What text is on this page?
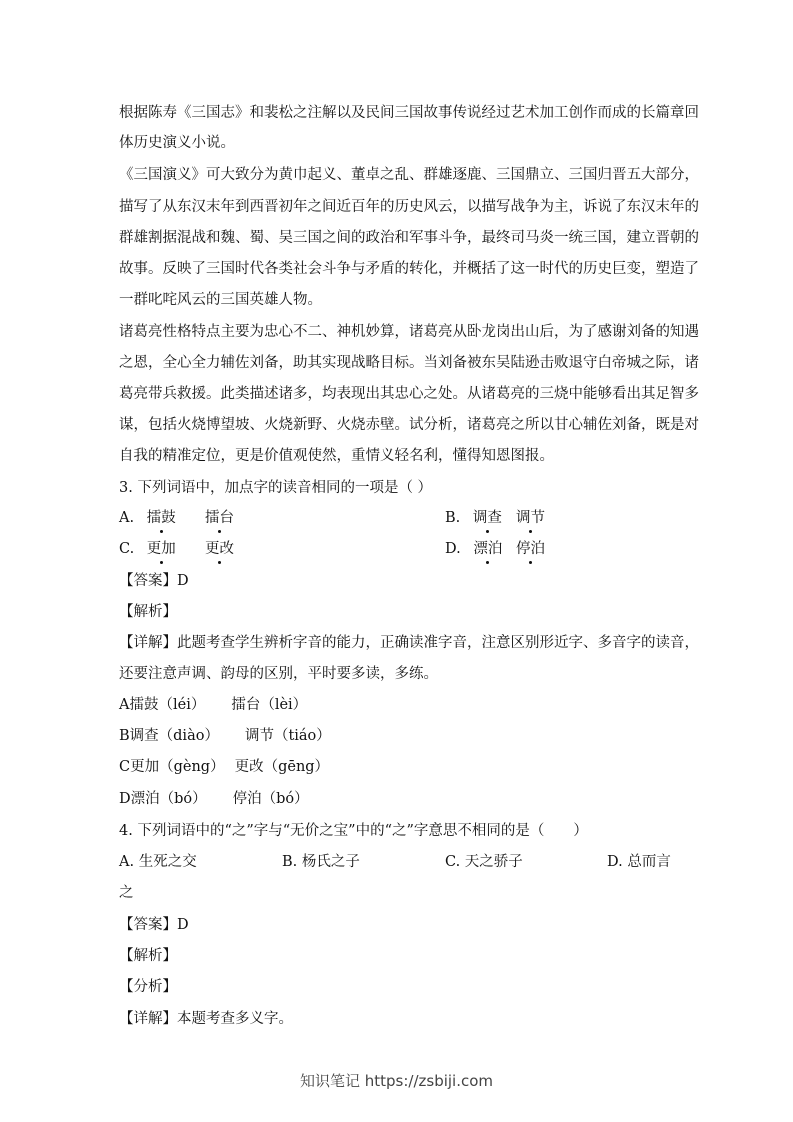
根据陈寿《三国志》和裴松之注解以及民间三国故事传说经过艺术加工创作而成的长篇章回
体历史演义小说。
《三国演义》可大致分为黄巾起义、董卓之乱、群雄逐鹿、三国鼎立、三国归晋五大部分，
描写了从东汉末年到西晋初年之间近百年的历史风云，以描写战争为主，诉说了东汉末年的
群雄割据混战和魏、蜀、吴三国之间的政治和军事斗争，最终司马炎一统三国，建立晋朝的
故事。反映了三国时代各类社会斗争与矛盾的转化，并概括了这一时代的历史巨变，塑造了
一群叱咤风云的三国英雄人物。
诸葛亮性格特点主要为忠心不二、神机妙算，诸葛亮从卧龙岗出山后，为了感谢刘备的知遇
之恩，全心全力辅佐刘备，助其实现战略目标。当刘备被东吴陆逊击败退守白帝城之际，诸
葛亮带兵救援。此类描述诸多，均表现出其忠心之处。从诸葛亮的三烧中能够看出其足智多
谋，包括火烧博望坡、火烧新野、火烧赤壁。试分析，诸葛亮之所以甘心辅佐刘备，既是对
自我的精准定位，更是价值观使然，重情义轻名利，懂得知恩图报。
3. 下列词语中，加点字的读音相同的一项是（ ）
A. 擂鼓 擂台	B. 调查 调节
C. 更加 更改	D. 漂泊 停泊
【答案】D
【解析】
【详解】此题考查学生辨析字音的能力，正确读准字音，注意区别形近字、多音字的读音，
还要注意声调、韵母的区别，平时要多读，多练。
A擂鼓（léi） 擂台（lèi）
B调查（diào） 调节（tiáo）
C更加（gèng） 更改（gēng）
D漂泊（bó） 停泊（bó）
4. 下列词语中的“之”字与“无价之宝”中的“之”字意思不相同的是（　　）
A. 生死之交	B. 杨氏之子	C. 天之骄子	D. 总而言
之
【答案】D
【解析】
【分析】
【详解】本题考查多义字。
知识笔记 https://zsbiji.com
